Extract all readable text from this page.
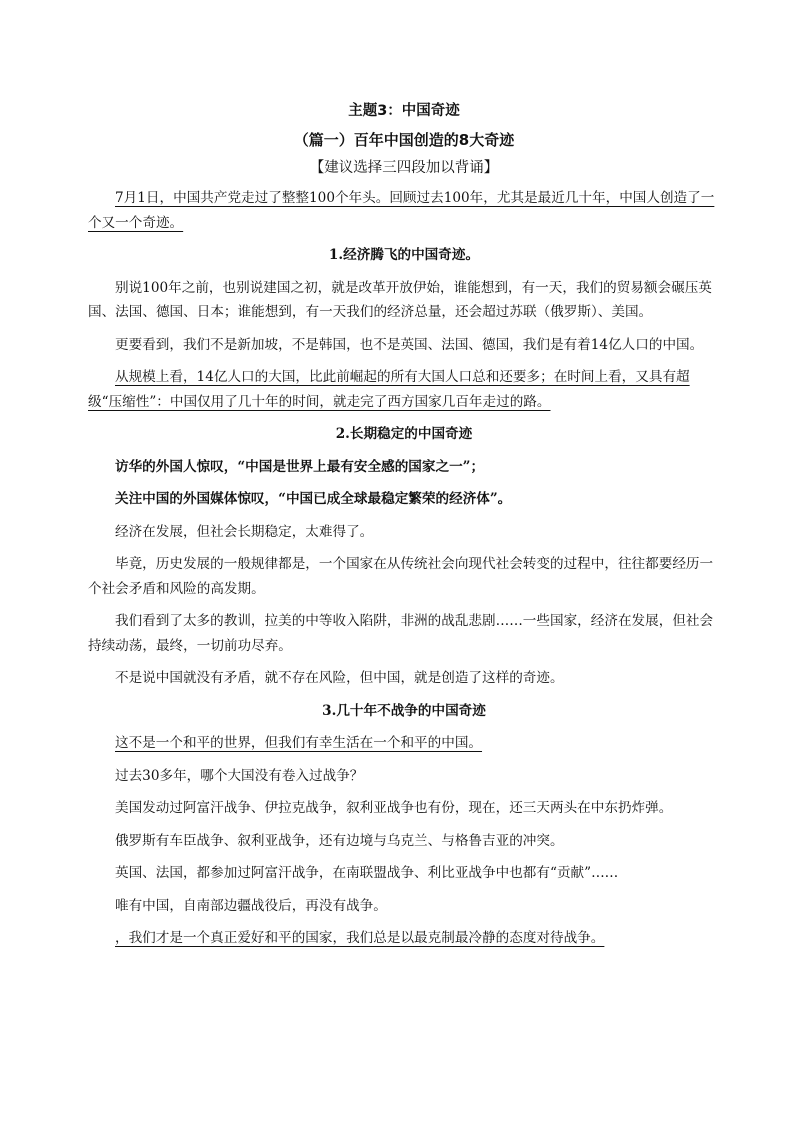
主题3：中国奇迹
（篇一）百年中国创造的8大奇迹
【建议选择三四段加以背诵】

7月1日，中国共产党走过了整整100个年头。回顾过去100年，尤其是最近几十年，中国人创造了一个又一个奇迹。

1.经济腾飞的中国奇迹。

别说100年之前，也别说建国之初，就是改革开放伊始，谁能想到，有一天，我们的贸易额会碾压英国、法国、德国、日本；谁能想到，有一天我们的经济总量，还会超过苏联（俄罗斯）、美国。

更要看到，我们不是新加坡，不是韩国，也不是英国、法国、德国，我们是有着14亿人口的中国。

从规模上看，14亿人口的大国，比此前崛起的所有大国人口总和还要多；在时间上看，又具有超级“压缩性”：中国仅用了几十年的时间，就走完了西方国家几百年走过的路。

2.长期稳定的中国奇迹

访华的外国人惊叹，“中国是世界上最有安全感的国家之一”；

关注中国的外国媒体惊叹，“中国已成全球最稳定繁荣的经济体”。

经济在发展，但社会长期稳定，太难得了。

毕竟，历史发展的一般规律都是，一个国家在从传统社会向现代社会转变的过程中，往往都要经历一个社会矛盾和风险的高发期。

我们看到了太多的教训，拉美的中等收入陷阱，非洲的战乱悲剧……一些国家，经济在发展，但社会持续动荡，最终，一切前功尽弃。

不是说中国就没有矛盾，就不存在风险，但中国，就是创造了这样的奇迹。

3.几十年不战争的中国奇迹

这不是一个和平的世界，但我们有幸生活在一个和平的中国。

过去30多年，哪个大国没有卷入过战争？

美国发动过阿富汗战争、伊拉克战争，叙利亚战争也有份，现在，还三天两头在中东扔炸弹。

俄罗斯有车臣战争、叙利亚战争，还有边境与乌克兰、与格鲁吉亚的冲突。

英国、法国，都参加过阿富汗战争，在南联盟战争、利比亚战争中也都有“贡献”……

唯有中国，自南部边疆战役后，再没有战争。

，我们才是一个真正爱好和平的国家，我们总是以最克制最冷静的态度对待战争。
